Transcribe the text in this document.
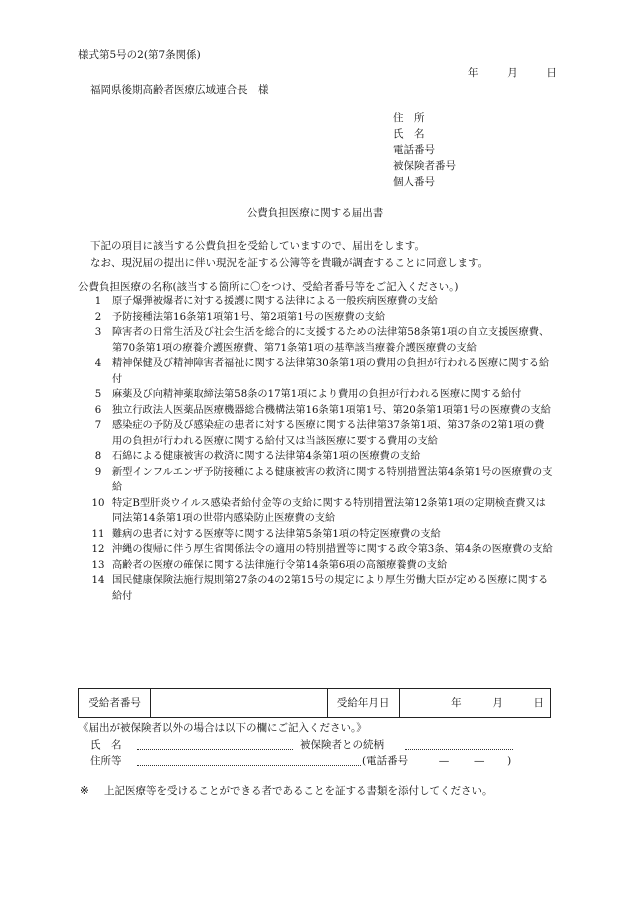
様式第5号の2(第7条関係)
年	月	日
福岡県後期高齢者医療広域連合長　様
住　所
氏　名
電話番号
被保険者番号
個人番号
公費負担医療に関する届出書
下記の項目に該当する公費負担を受給していますので、届出をします。
なお、現況届の提出に伴い現況を証する公簿等を貴職が調査することに同意します。
公費負担医療の名称(該当する箇所に〇をつけ、受給者番号等をご記入ください。)
1	原子爆弾被爆者に対する援護に関する法律による一般疾病医療費の支給
2	予防接種法第16条第1項第1号、第2項第1号の医療費の支給
3	障害者の日常生活及び社会生活を総合的に支援するための法律第58条第1項の自立支援医療費、第70条第1項の療養介護医療費、第71条第1項の基準該当療養介護医療費の支給
4	精神保健及び精神障害者福祉に関する法律第30条第1項の費用の負担が行われる医療に関する給付
5	麻薬及び向精神薬取締法第58条の17第1項により費用の負担が行われる医療に関する給付
6	独立行政法人医薬品医療機器総合機構法第16条第1項第1号、第20条第1項第1号の医療費の支給
7	感染症の予防及び感染症の患者に対する医療に関する法律第37条第1項、第37条の2第1項の費用の負担が行われる医療に関する給付又は当該医療に要する費用の支給
8	石綿による健康被害の救済に関する法律第4条第1項の医療費の支給
9	新型インフルエンザ予防接種による健康被害の救済に関する特別措置法第4条第1号の医療費の支給
10 特定B型肝炎ウイルス感染者給付金等の支給に関する特別措置法第12条第1項の定期検査費又は同法第14条第1項の世帯内感染防止医療費の支給
11 難病の患者に対する医療等に関する法律第5条第1項の特定医療費の支給
12 沖縄の復帰に伴う厚生省関係法令の適用の特別措置等に関する政令第3条、第4条の医療費の支給
13 高齢者の医療の確保に関する法律施行令第14条第6項の高額療養費の支給
14 国民健康保険法施行規則第27条の4の2第15号の規定により厚生労働大臣が定める医療に関する給付
受給者番号		受給年月日	年	月	日
《届出が被保険者以外の場合は以下の欄にご記入ください。》
氏　名	被保険者との続柄
住所等	(電話番号	— — )
※ 上記医療等を受けることができる者であることを証する書類を添付してください。
